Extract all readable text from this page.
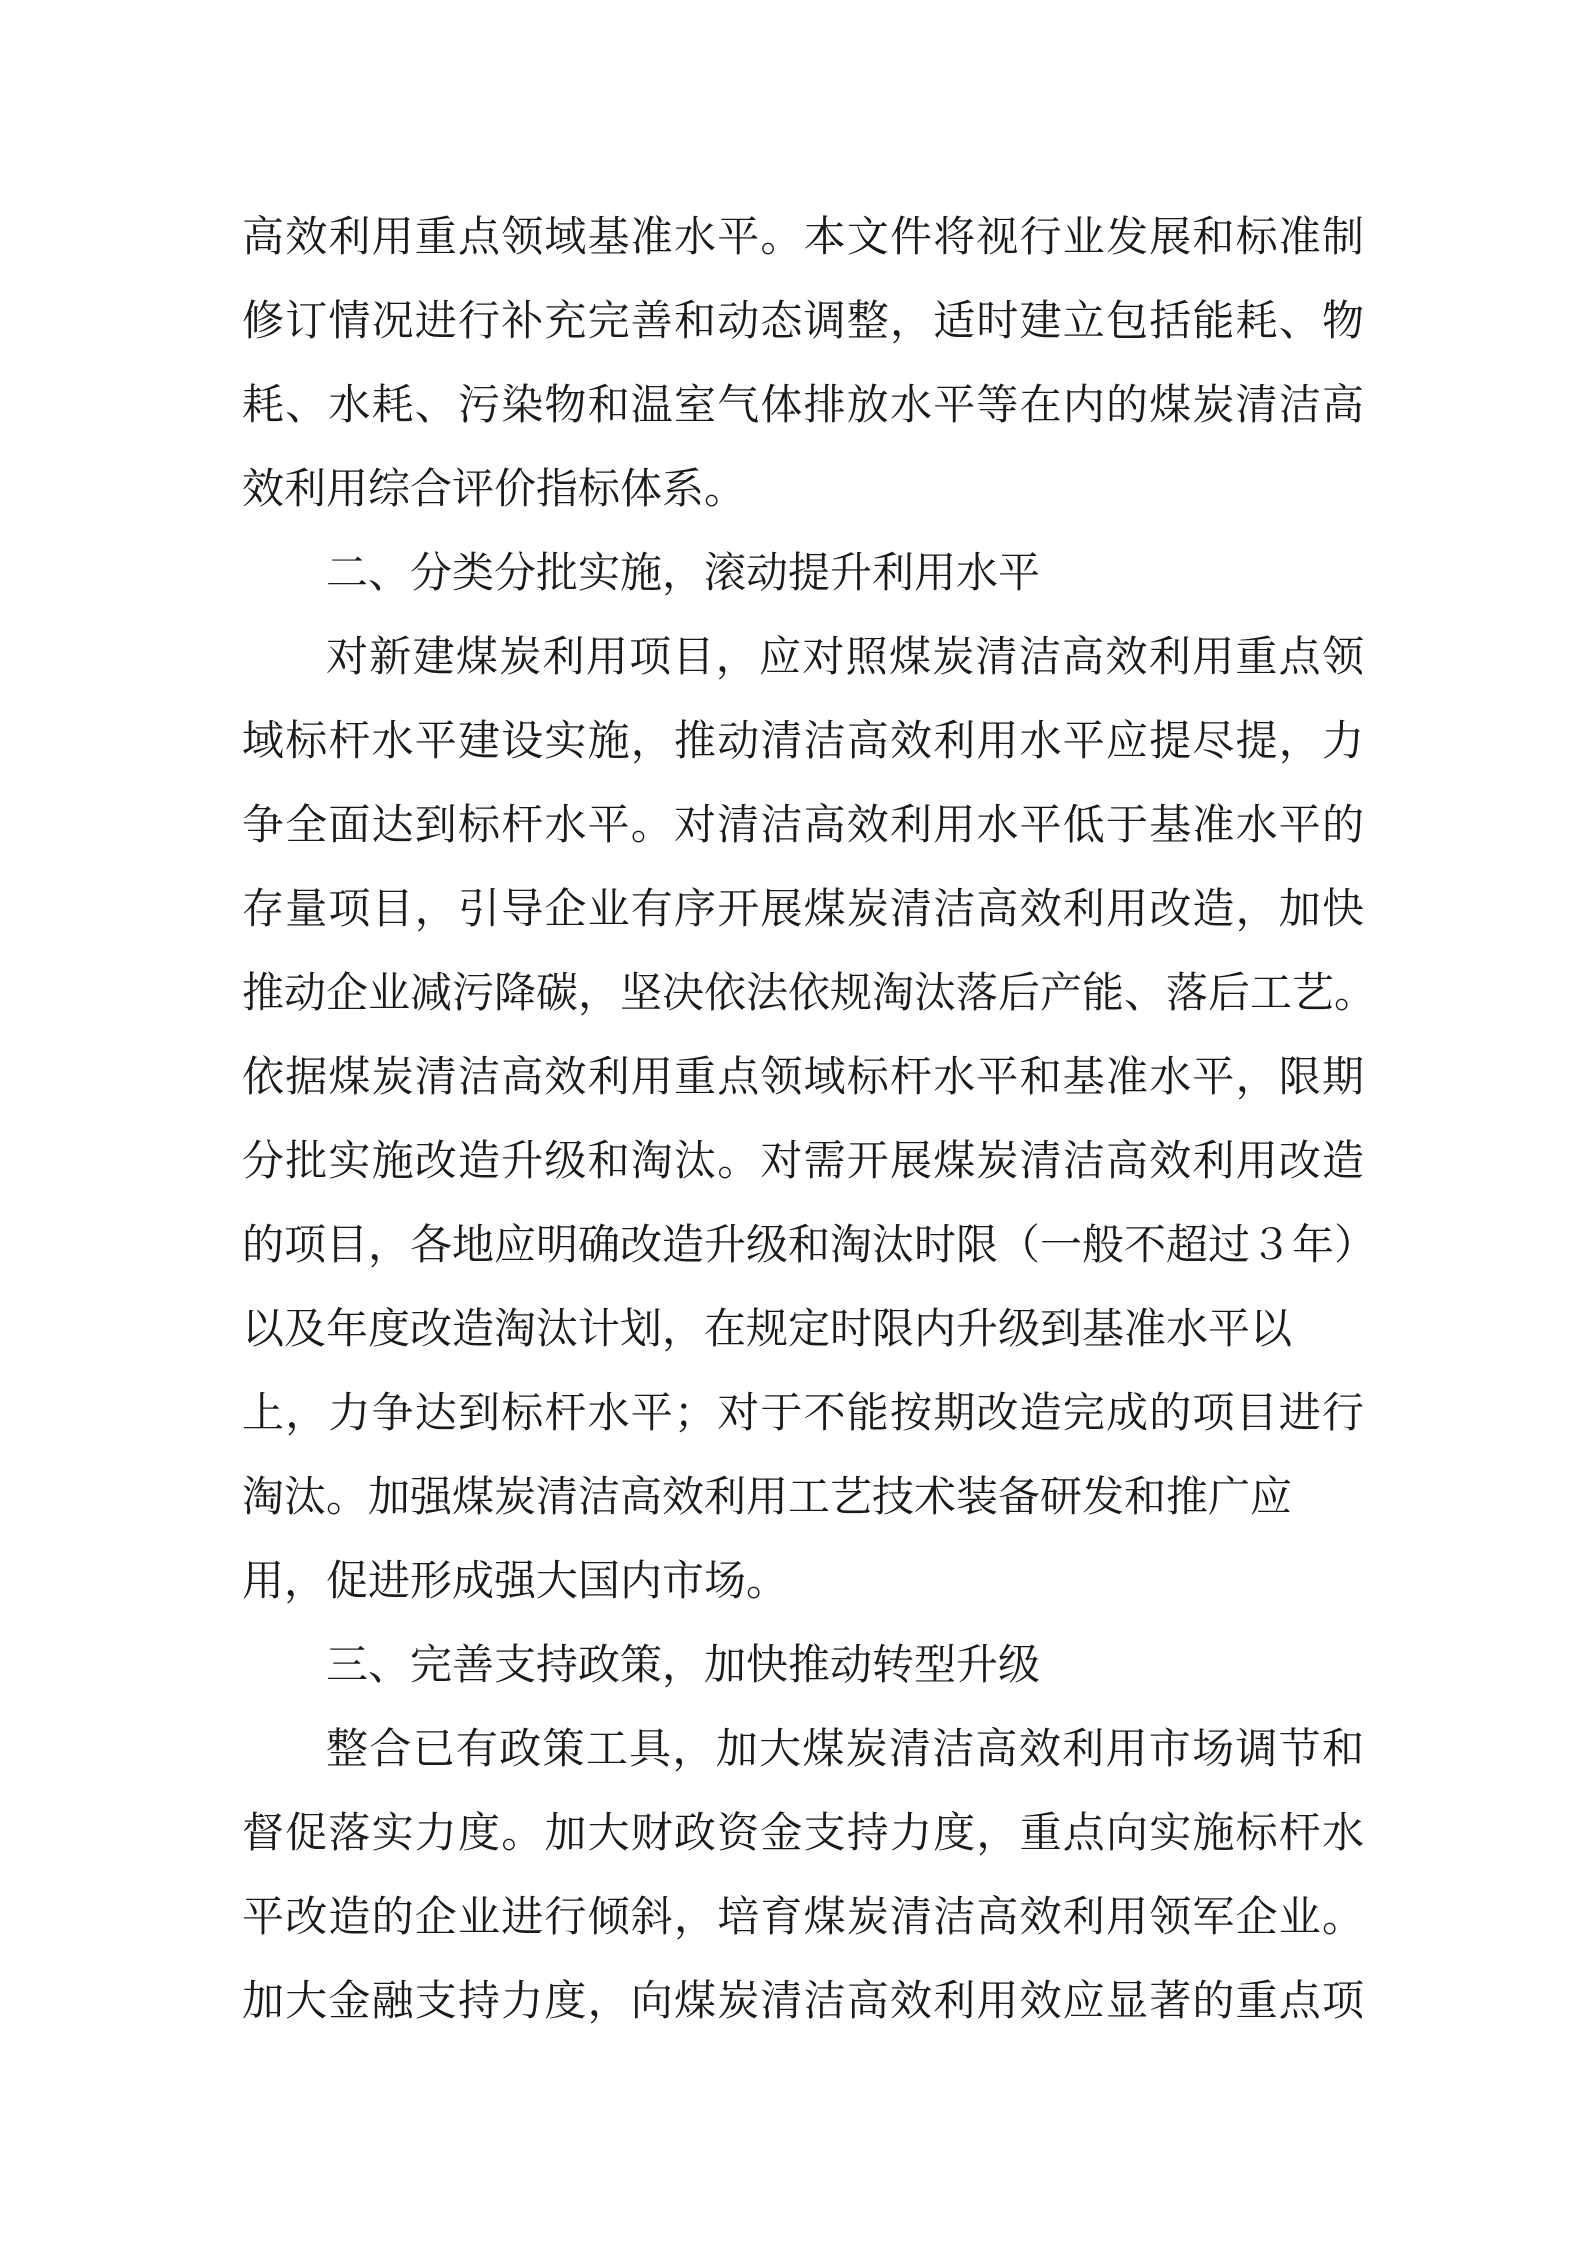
高效利用重点领域基准水平。本文件将视行业发展和标准制
修订情况进行补充完善和动态调整，适时建立包括能耗、物
耗、水耗、污染物和温室气体排放水平等在内的煤炭清洁高
效利用综合评价指标体系。
二、分类分批实施，滚动提升利用水平
对新建煤炭利用项目，应对照煤炭清洁高效利用重点领
域标杆水平建设实施，推动清洁高效利用水平应提尽提，力
争全面达到标杆水平。对清洁高效利用水平低于基准水平的
存量项目，引导企业有序开展煤炭清洁高效利用改造，加快
推动企业减污降碳，坚决依法依规淘汰落后产能、落后工艺。
依据煤炭清洁高效利用重点领域标杆水平和基准水平，限期
分批实施改造升级和淘汰。对需开展煤炭清洁高效利用改造
的项目，各地应明确改造升级和淘汰时限（一般不超过３年）
以及年度改造淘汰计划，在规定时限内升级到基准水平以
上，力争达到标杆水平；对于不能按期改造完成的项目进行
淘汰。加强煤炭清洁高效利用工艺技术装备研发和推广应
用，促进形成强大国内市场。
三、完善支持政策，加快推动转型升级
整合已有政策工具，加大煤炭清洁高效利用市场调节和
督促落实力度。加大财政资金支持力度，重点向实施标杆水
平改造的企业进行倾斜，培育煤炭清洁高效利用领军企业。
加大金融支持力度，向煤炭清洁高效利用效应显著的重点项
